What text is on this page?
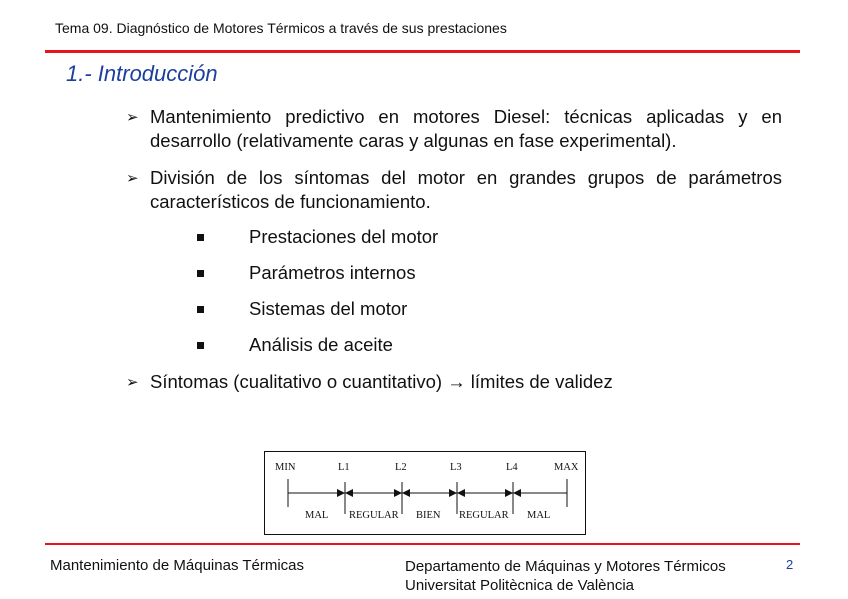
Tema 09. Diagnóstico de Motores Térmicos a través de sus prestaciones
1.- Introducción
➢ Mantenimiento predictivo en motores Diesel: técnicas aplicadas y en desarrollo (relativamente caras y algunas en fase experimental).
➢ División de los síntomas del motor en grandes grupos de parámetros característicos de funcionamiento.
Prestaciones del motor
Parámetros internos
Sistemas del motor
Análisis de aceite
➢ Síntomas (cualitativo o cuantitativo) → límites de validez
MIN	L1	L2	L3	L4	MAX
MAL REGULAR BIEN REGULAR MAL
Mantenimiento de Máquinas Térmicas	Departamento de Máquinas y Motores Térmicos
Universitat Politècnica de València
2
